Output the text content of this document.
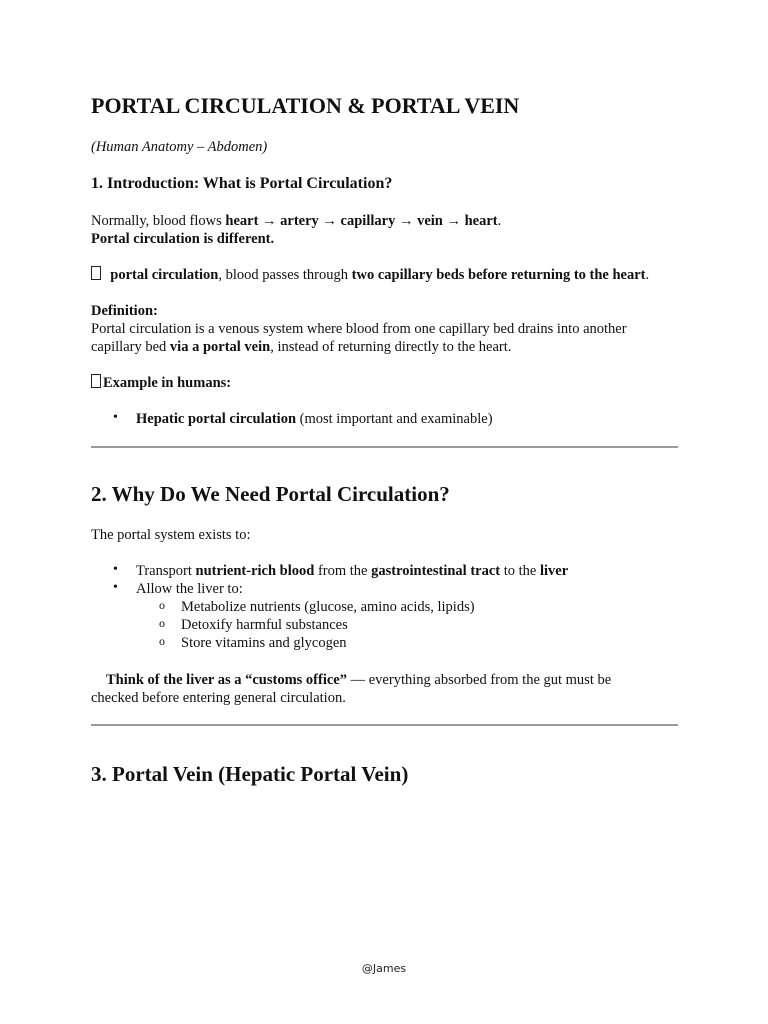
PORTAL CIRCULATION & PORTAL VEIN

(Human Anatomy – Abdomen)

1. Introduction: What is Portal Circulation?

Normally, blood flows heart → artery → capillary → vein → heart.

Portal circulation is different.

portal circulation, blood passes through two capillary beds before returning to the heart.

Definition:

Portal circulation is a venous system where blood from one capillary bed drains into another

capillary bed via a portal vein, instead of returning directly to the heart.

Example in humans:

• Hepatic portal circulation (most important and examinable)

2. Why Do We Need Portal Circulation?

The portal system exists to:

• Transport nutrient-rich blood from the gastrointestinal tract to the liver

• Allow the liver to:

o Metabolize nutrients (glucose, amino acids, lipids)

o Detoxify harmful substances

o Store vitamins and glycogen

Think of the liver as a “customs office” — everything absorbed from the gut must be

checked before entering general circulation.

3. Portal Vein (Hepatic Portal Vein)
@James
